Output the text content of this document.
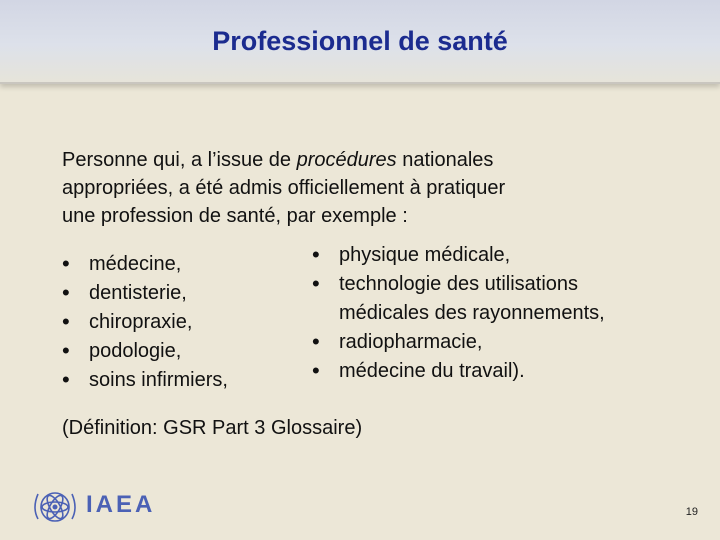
Professionnel de santé
Personne qui, a l’issue de procédures nationales
appropriées, a été admis officiellement à pratiquer
une profession de santé, par exemple :
• médecine,
• dentisterie,
• chiropraxie,
• podologie,
• soins infirmiers,
• physique médicale,
• technologie des utilisations médicales des rayonnements,
• radiopharmacie,
• médecine du travail).
(Définition: GSR Part 3 Glossaire)
IAEA	19
